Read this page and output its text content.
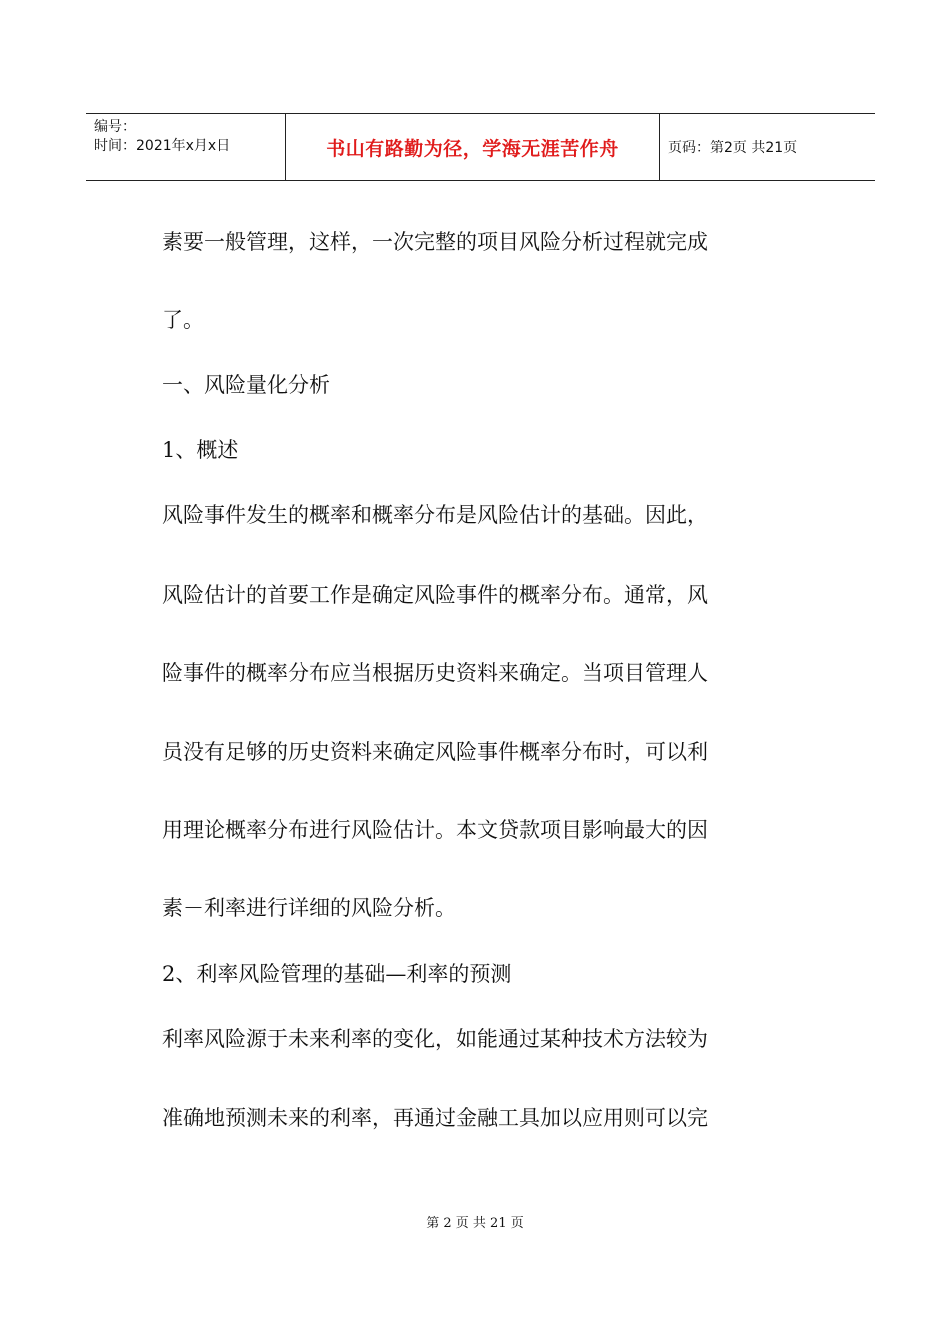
编号：
时间：2021年x月x日	书山有路勤为径，学海无涯苦作舟	页码：第2页 共21页
素要一般管理，这样，一次完整的项目风险分析过程就完成
了。
一、风险量化分析
1、概述
风险事件发生的概率和概率分布是风险估计的基础。因此，
风险估计的首要工作是确定风险事件的概率分布。通常，风
险事件的概率分布应当根据历史资料来确定。当项目管理人
员没有足够的历史资料来确定风险事件概率分布时，可以利
用理论概率分布进行风险估计。本文贷款项目影响最大的因
素－利率进行详细的风险分析。
2、利率风险管理的基础—利率的预测
利率风险源于未来利率的变化，如能通过某种技术方法较为
准确地预测未来的利率，再通过金融工具加以应用则可以完
第 2 页 共 21 页
